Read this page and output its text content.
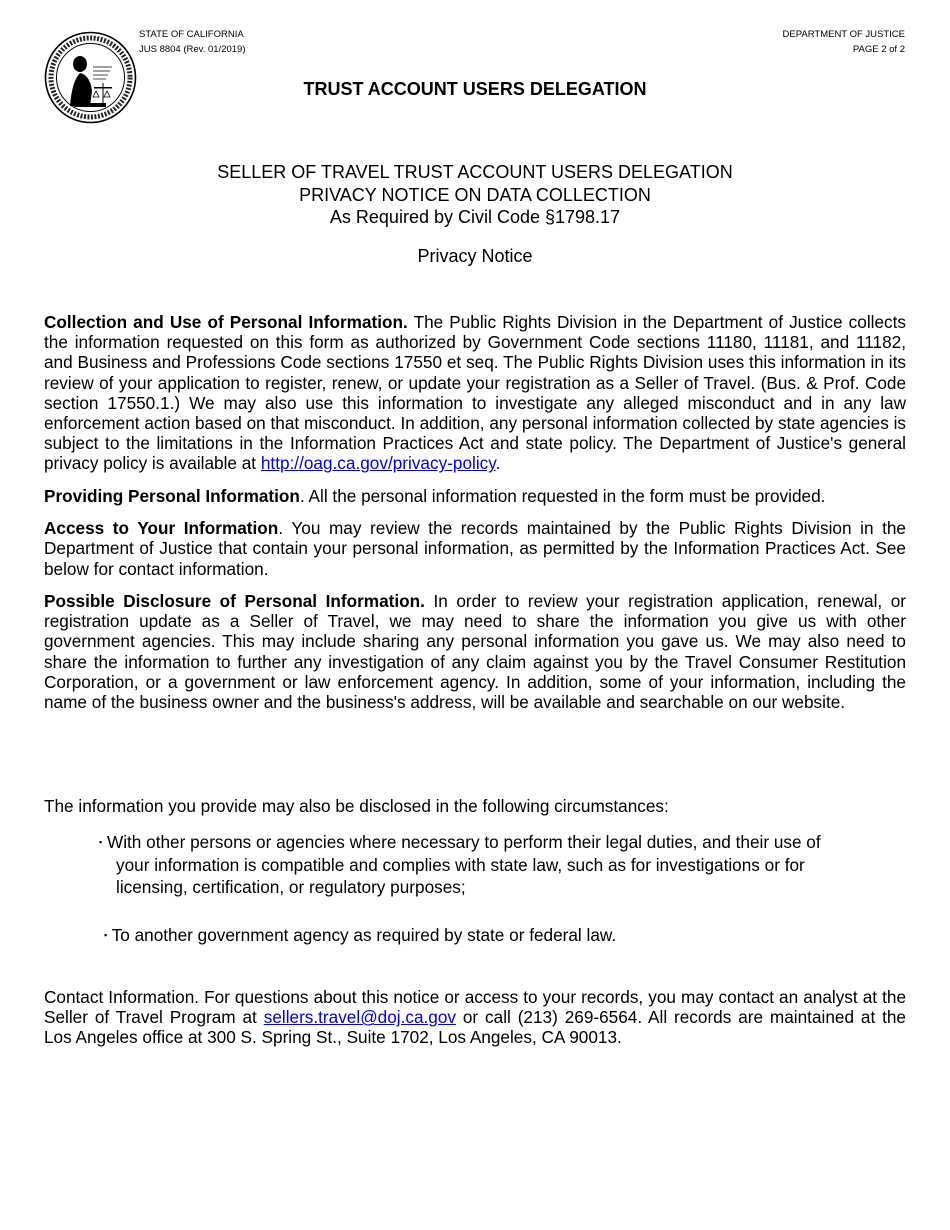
STATE OF CALIFORNIA
JUS 8804 (Rev. 01/2019)
DEPARTMENT OF JUSTICE
PAGE 2 of 2
TRUST ACCOUNT USERS DELEGATION
SELLER OF TRAVEL TRUST ACCOUNT USERS DELEGATION
PRIVACY NOTICE ON DATA COLLECTION
As Required by Civil Code §1798.17
Privacy Notice

Collection and Use of Personal Information. The Public Rights Division in the Department of Justice collects the information requested on this form as authorized by Government Code sections 11180, 11181, and 11182, and Business and Professions Code sections 17550 et seq. The Public Rights Division uses this information in its review of your application to register, renew, or update your registration as a Seller of Travel. (Bus. & Prof. Code section 17550.1.) We may also use this information to investigate any alleged misconduct and in any law enforcement action based on that misconduct. In addition, any personal information collected by state agencies is subject to the limitations in the Information Practices Act and state policy. The Department of Justice's general privacy policy is available at http://oag.ca.gov/privacy-policy.

Providing Personal Information. All the personal information requested in the form must be provided.

Access to Your Information. You may review the records maintained by the Public Rights Division in the Department of Justice that contain your personal information, as permitted by the Information Practices Act. See below for contact information.

Possible Disclosure of Personal Information. In order to review your registration application, renewal, or registration update as a Seller of Travel, we may need to share the information you give us with other government agencies. This may include sharing any personal information you gave us. We may also need to share the information to further any investigation of any claim against you by the Travel Consumer Restitution Corporation, or a government or law enforcement agency. In addition, some of your information, including the name of the business owner and the business's address, will be available and searchable on our website.

The information you provide may also be disclosed in the following circumstances:
▪ With other persons or agencies where necessary to perform their legal duties, and their use of
your information is compatible and complies with state law, such as for investigations or for
licensing, certification, or regulatory purposes;
▪ To another government agency as required by state or federal law.
Contact Information. For questions about this notice or access to your records, you may contact an analyst at the Seller of Travel Program at sellers.travel@doj.ca.gov or call (213) 269-6564. All records are maintained at the Los Angeles office at 300 S. Spring St., Suite 1702, Los Angeles, CA 90013.
